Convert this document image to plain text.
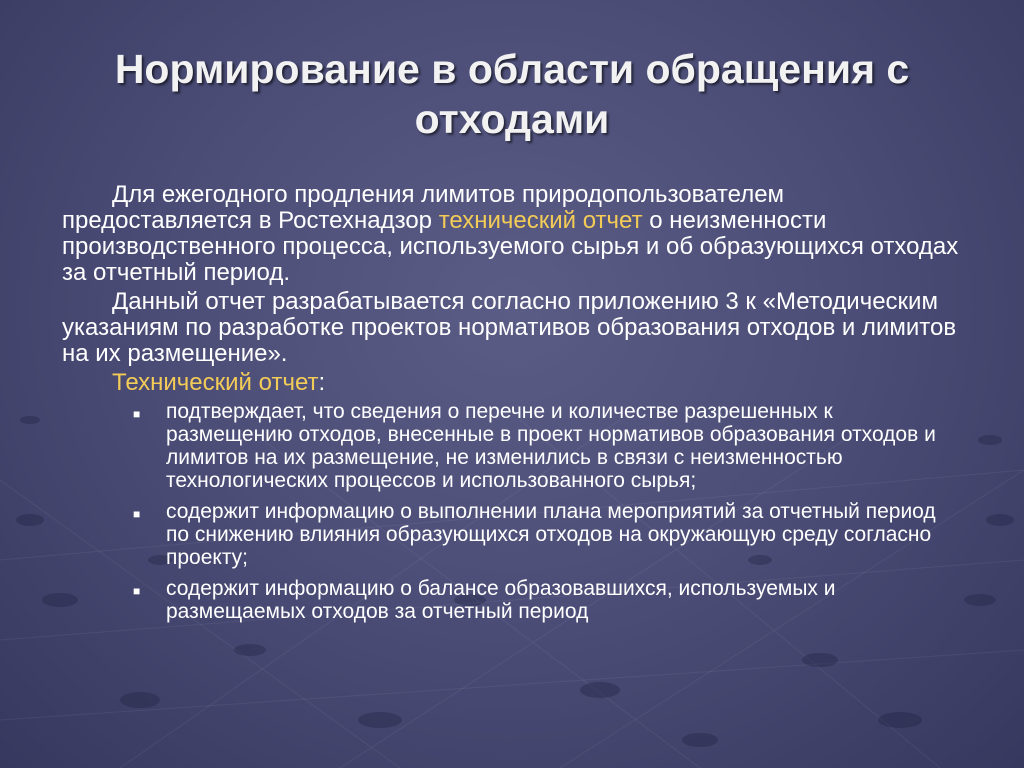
Нормирование в области обращения с отходами

Для ежегодного продления лимитов природопользователем предоставляется в Ростехнадзор технический отчет о неизменности производственного процесса, используемого сырья и об образующихся отходах за отчетный период.

Данный отчет разрабатывается согласно приложению 3 к «Методическим указаниям по разработке проектов нормативов образования отходов и лимитов на их размещение».

Технический отчет:

■ подтверждает, что сведения о перечне и количестве разрешенных к размещению отходов, внесенные в проект нормативов образования отходов и лимитов на их размещение, не изменились в связи с неизменностью технологических процессов и использованного сырья;
■ содержит информацию о выполнении плана мероприятий за отчетный период по снижению влияния образующихся отходов на окружающую среду согласно проекту;
■ содержит информацию о балансе образовавшихся, используемых и размещаемых отходов за отчетный период
